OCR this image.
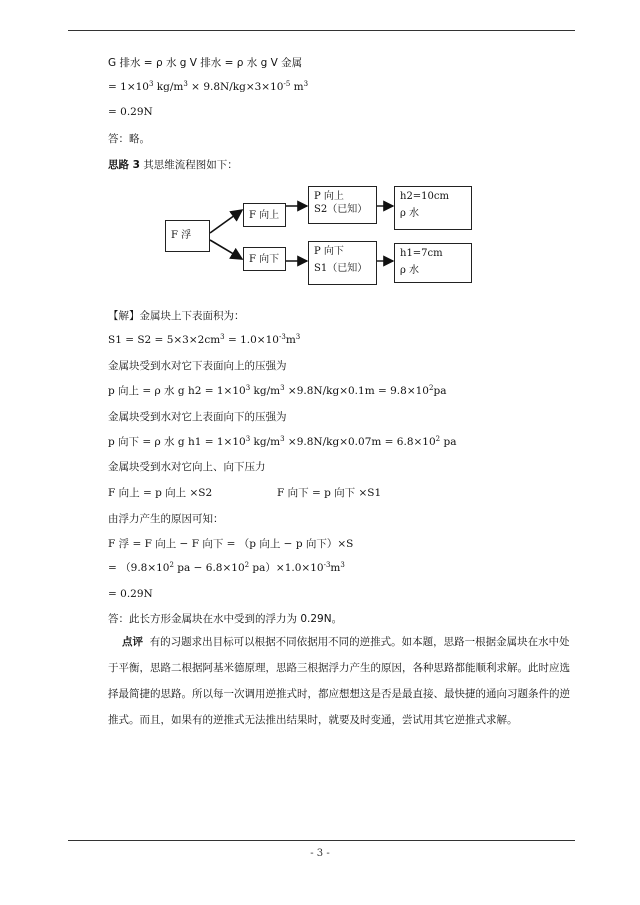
G 排水 = ρ 水 g V 排水 = ρ 水 g V 金属
= $1\times 10^3$ $kg/m^3 \times 9.8N/kg\times 3\times 10^{-5}$ $m^3$
= 0.29N
答：略。
思路 3 其思维流程图如下：
F 浮
F 向上
F 向下
P 向上
S2（已知）
P 向下
S1（已知）
h2=10cm
ρ 水
h1=7cm
ρ 水
【解】金属块上下表面积为：
$S1 = S2 = 5\times 3\times 2cm^3 = 1.0\times 10^{-3}m^3$
金属块受到水对它下表面向上的压强为
p 向上 = ρ 水 g $h2 = 1\times 10^3$ $kg/m^3 \times 9.8N/kg\times 0.1m = 9.8\times 10^2pa$
金属块受到水对它上表面向下的压强为
p 向下 = ρ 水 g $h1 = 1\times 10^3$ $kg/m^3 \times 9.8N/kg\times 0.07m = 6.8\times 10^2$ pa
金属块受到水对它向上、向下压力
F 向上 = p 向上 ×S2	F 向下 = p 向下 ×S1
由浮力产生的原因可知：
F 浮 = F 向上 − F 向下 = （p 向上 − p 向下）×S
= （$9.8\times 10^2$ pa − $6.8\times 10^2$ $pa)\times 1.0\times 10^{-3}m^3$
= 0.29N
答：此长方形金属块在水中受到的浮力为 0.29N。
点评 有的习题求出目标可以根据不同依据用不同的逆推式。如本题，思路一根据金属块在水中处于平衡，思路二根据阿基米德原理，思路三根据浮力产生的原因，各种思路都能顺利求解。此时应选择最简捷的思路。所以每一次调用逆推式时，都应想想这是否是最直接、最快捷的通向习题条件的逆推式。而且，如果有的逆推式无法推出结果时，就要及时变通，尝试用其它逆推式求解。
- 3 -
